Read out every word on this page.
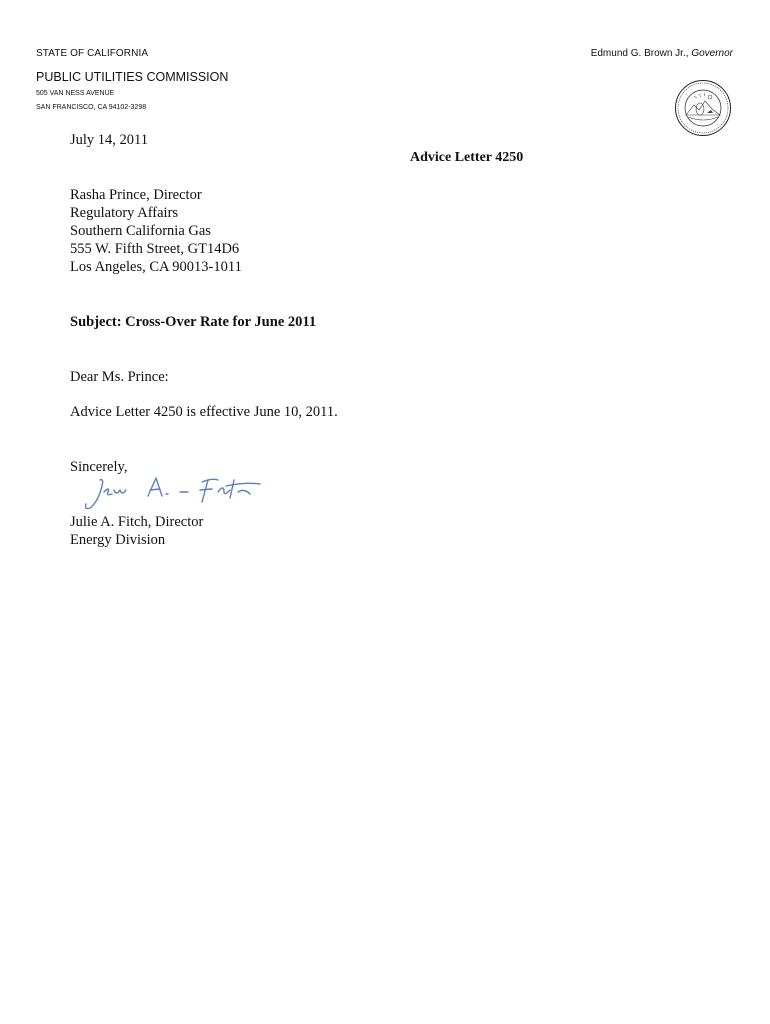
STATE OF CALIFORNIA	Edmund G. Brown Jr., Governor
PUBLIC UTILITIES COMMISSION
505 VAN NESS AVENUE
SAN FRANCISCO, CA 94102-3298
July 14, 2011
Advice Letter 4250
Rasha Prince, Director
Regulatory Affairs
Southern California Gas
555 W. Fifth Street, GT14D6
Los Angeles, CA 90013-1011
Subject: Cross-Over Rate for June 2011
Dear Ms. Prince:
Advice Letter 4250 is effective June 10, 2011.
Sincerely,
Julie A. Fitch, Director
Energy Division
